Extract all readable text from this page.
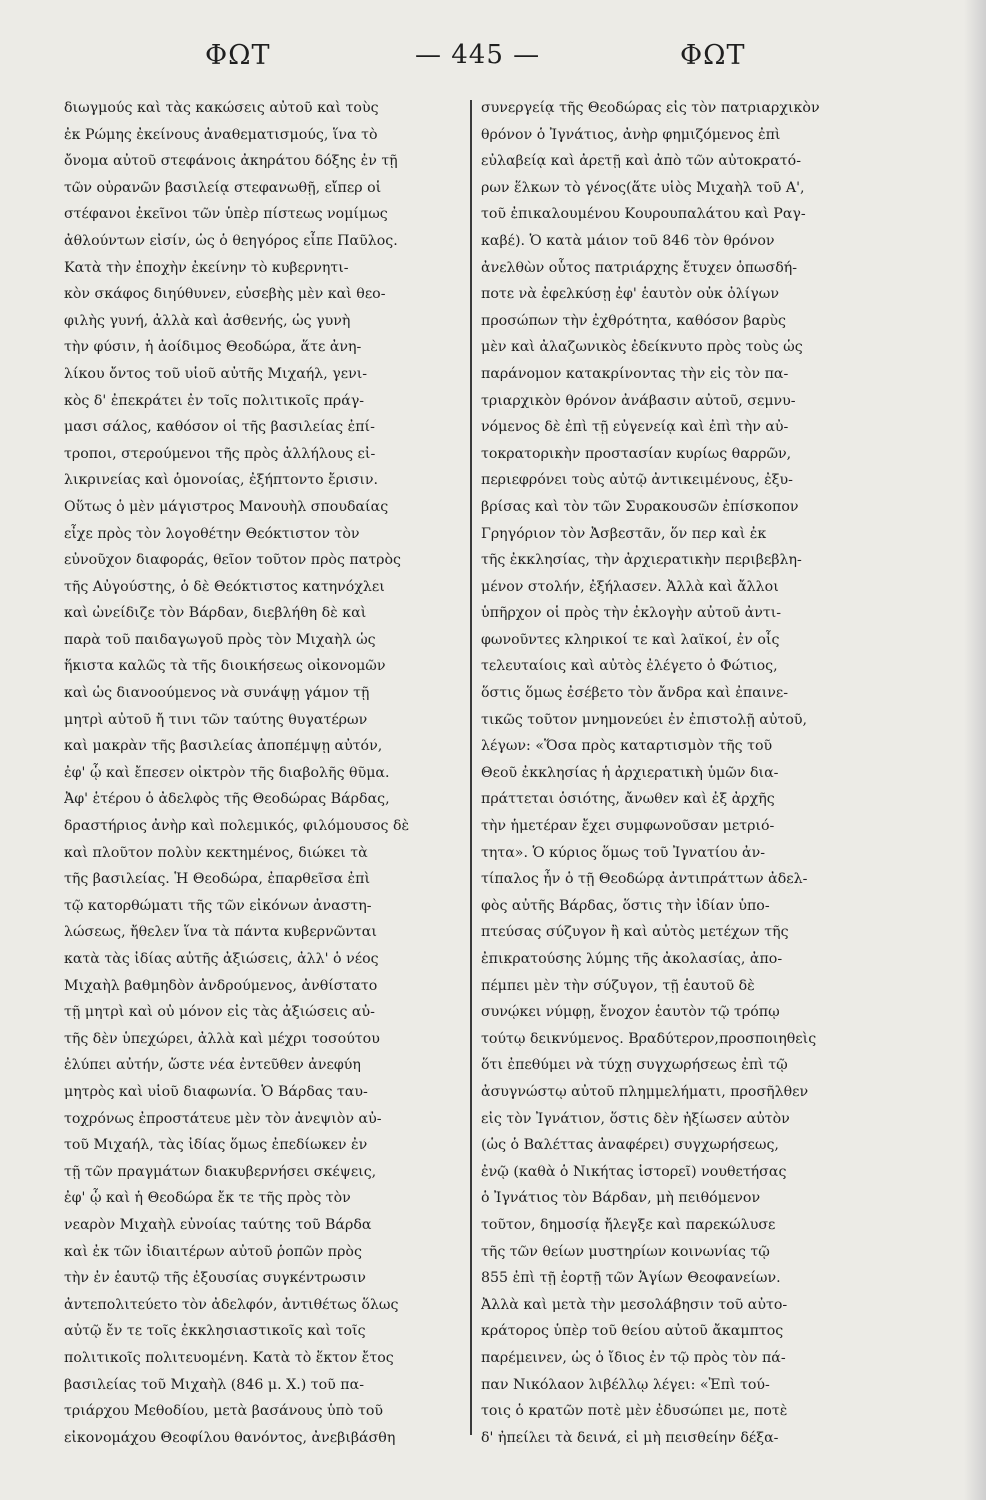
ΦΩΤ	— 445 —	ΦΩΤ
διωγμούς καὶ τὰς κακώσεις αὐτοῦ καὶ τοὺς
ἐκ Ρώμης ἐκείνους ἀναθεματισμούς, ἵνα τὸ
ὄνομα αὐτοῦ στεφάνοις ἀκηράτου δόξης ἐν τῇ
τῶν οὐρανῶν βασιλείᾳ στεφανωθῇ, εἴπερ οἱ
στέφανοι ἐκεῖνοι τῶν ὑπὲρ πίστεως νομίμως
ἀθλούντων εἰσίν, ὡς ὁ θεηγόρος εἶπε Παῦλος.
Κατὰ τὴν ἐποχὴν ἐκείνην τὸ κυβερνητι-
κὸν σκάφος διηύθυνεν, εὐσεβὴς μὲν καὶ θεο-
φιλὴς γυνή, ἀλλὰ καὶ ἀσθενής, ὡς γυνὴ
τὴν φύσιν, ἡ ἀοίδιμος Θεοδώρα, ἅτε ἀνη-
λίκου ὄντος τοῦ υἱοῦ αὐτῆς Μιχαήλ, γενι-
κὸς δ' ἐπεκράτει ἐν τοῖς πολιτικοῖς πράγ-
μασι σάλος, καθόσον οἱ τῆς βασιλείας ἐπί-
τροποι, στερούμενοι τῆς πρὸς ἀλλήλους εἰ-
λικρινείας καὶ ὁμονοίας, ἐξήπτοντο ἔρισιν.
Οὕτως ὁ μὲν μάγιστρος Μανουὴλ σπουδαίας
εἶχε πρὸς τὸν λογοθέτην Θεόκτιστον τὸν
εὐνοῦχον διαφοράς, θεῖον τοῦτον πρὸς πατρὸς
τῆς Αὐγούστης, ὁ δὲ Θεόκτιστος κατηνόχλει
καὶ ὠνείδιζε τὸν Βάρδαν, διεβλήθη δὲ καὶ
παρὰ τοῦ παιδαγωγοῦ πρὸς τὸν Μιχαὴλ ὡς
ἥκιστα καλῶς τὰ τῆς διοικήσεως οἰκονομῶν
καὶ ὡς διανοούμενος νὰ συνάψῃ γάμον τῇ
μητρὶ αὐτοῦ ἤ τινι τῶν ταύτης θυγατέρων
καὶ μακρὰν τῆς βασιλείας ἀποπέμψῃ αὐτόν,
ἐφ' ᾧ καὶ ἔπεσεν οἰκτρὸν τῆς διαβολῆς θῦμα.
Ἀφ' ἑτέρου ὁ ἀδελφὸς τῆς Θεοδώρας Βάρδας,
δραστήριος ἀνὴρ καὶ πολεμικός, φιλόμουσος δὲ
καὶ πλοῦτον πολὺν κεκτημένος, διώκει τὰ
τῆς βασιλείας. Ἡ Θεοδώρα, ἐπαρθεῖσα ἐπὶ
τῷ κατορθώματι τῆς τῶν εἰκόνων ἀναστη-
λώσεως, ἤθελεν ἵνα τὰ πάντα κυβερνῶνται
κατὰ τὰς ἰδίας αὐτῆς ἀξιώσεις, ἀλλ' ὁ νέος
Μιχαὴλ βαθμηδὸν ἀνδρούμενος, ἀνθίστατο
τῇ μητρὶ καὶ οὐ μόνον εἰς τὰς ἀξιώσεις αὐ-
τῆς δὲν ὑπεχώρει, ἀλλὰ καὶ μέχρι τοσούτου
ἐλύπει αὐτήν, ὥστε νέα ἐντεῦθεν ἀνεφύη
μητρὸς καὶ υἱοῦ διαφωνία. Ὁ Βάρδας ταυ-
τοχρόνως ἐπροστάτευε μὲν τὸν ἀνεψιὸν αὐ-
τοῦ Μιχαήλ, τὰς ἰδίας ὅμως ἐπεδίωκεν ἐν
τῇ τῶν πραγμάτων διακυβερνήσει σκέψεις,
ἐφ' ᾧ καὶ ἡ Θεοδώρα ἔκ τε τῆς πρὸς τὸν
νεαρὸν Μιχαὴλ εὐνοίας ταύτης τοῦ Βάρδα
καὶ ἐκ τῶν ἰδιαιτέρων αὐτοῦ ῥοπῶν πρὸς
τὴν ἐν ἑαυτῷ τῆς ἐξουσίας συγκέντρωσιν
ἀντεπολιτεύετο τὸν ἀδελφόν, ἀντιθέτως ὅλως
αὐτῷ ἔν τε τοῖς ἐκκλησιαστικοῖς καὶ τοῖς
πολιτικοῖς πολιτευομένη. Κατὰ τὸ ἕκτον ἔτος
βασιλείας τοῦ Μιχαὴλ (846 μ. Χ.) τοῦ πα-
τριάρχου Μεθοδίου, μετὰ βασάνους ὑπὸ τοῦ
εἰκονομάχου Θεοφίλου θανόντος, ἀνεβιβάσθη
συνεργείᾳ τῆς Θεοδώρας εἰς τὸν πατριαρχικὸν
θρόνον ὁ Ἰγνάτιος, ἀνὴρ φημιζόμενος ἐπὶ
εὐλαβείᾳ καὶ ἀρετῇ καὶ ἀπὸ τῶν αὐτοκρατό-
ρων ἕλκων τὸ γένος(ἅτε υἱὸς Μιχαὴλ τοῦ Α',
τοῦ ἐπικαλουμένου Κουρουπαλάτου καὶ Ραγ-
καβέ). Ὁ κατὰ μάιον τοῦ 846 τὸν θρόνον
ἀνελθὼν οὗτος πατριάρχης ἔτυχεν ὁπωσδή-
ποτε νὰ ἐφελκύσῃ ἐφ' ἑαυτὸν οὐκ ὀλίγων
προσώπων τὴν ἐχθρότητα, καθόσον βαρὺς
μὲν καὶ ἀλαζωνικὸς ἐδείκνυτο πρὸς τοὺς ὡς
παράνομον κατακρίνοντας τὴν εἰς τὸν πα-
τριαρχικὸν θρόνον ἀνάβασιν αὐτοῦ, σεμνυ-
νόμενος δὲ ἐπὶ τῇ εὐγενείᾳ καὶ ἐπὶ τὴν αὐ-
τοκρατορικὴν προστασίαν κυρίως θαρρῶν,
περιεφρόνει τοὺς αὐτῷ ἀντικειμένους, ἐξυ-
βρίσας καὶ τὸν τῶν Συρακουσῶν ἐπίσκοπον
Γρηγόριον τὸν Ἀσβεστᾶν, ὅν περ καὶ ἐκ
τῆς ἐκκλησίας, τὴν ἀρχιερατικὴν περιβεβλη-
μένον στολήν, ἐξήλασεν. Ἀλλὰ καὶ ἄλλοι
ὑπῆρχον οἱ πρὸς τὴν ἐκλογὴν αὐτοῦ ἀντι-
φωνοῦντες κληρικοί τε καὶ λαϊκοί, ἐν οἷς
τελευταίοις καὶ αὐτὸς ἐλέγετο ὁ Φώτιος,
ὅστις ὅμως ἐσέβετο τὸν ἄνδρα καὶ ἐπαινε-
τικῶς τοῦτον μνημονεύει ἐν ἐπιστολῇ αὐτοῦ,
λέγων: «Ὅσα πρὸς καταρτισμὸν τῆς τοῦ
Θεοῦ ἐκκλησίας ἡ ἀρχιερατικὴ ὑμῶν δια-
πράττεται ὁσιότης, ἄνωθεν καὶ ἐξ ἀρχῆς
τὴν ἡμετέραν ἔχει συμφωνοῦσαν μετριό-
τητα». Ὁ κύριος ὅμως τοῦ Ἰγνατίου ἀν-
τίπαλος ἦν ὁ τῇ Θεοδώρᾳ ἀντιπράττων ἀδελ-
φὸς αὐτῆς Βάρδας, ὅστις τὴν ἰδίαν ὑπο-
πτεύσας σύζυγον ἢ καὶ αὐτὸς μετέχων τῆς
ἐπικρατούσης λύμης τῆς ἀκολασίας, ἀπο-
πέμπει μὲν τὴν σύζυγον, τῇ ἑαυτοῦ δὲ
συνῴκει νύμφῃ, ἔνοχον ἑαυτὸν τῷ τρόπῳ
τούτῳ δεικνύμενος. Βραδύτερον,προσποιηθεὶς
ὅτι ἐπεθύμει νὰ τύχῃ συγχωρήσεως ἐπὶ τῷ
ἀσυγνώστῳ αὐτοῦ πλημμελήματι, προσῆλθεν
εἰς τὸν Ἰγνάτιον, ὅστις δὲν ἠξίωσεν αὐτὸν
(ὡς ὁ Βαλέττας ἀναφέρει) συγχωρήσεως,
ἐνῷ (καθὰ ὁ Νικήτας ἱστορεῖ) νουθετήσας
ὁ Ἰγνάτιος τὸν Βάρδαν, μὴ πειθόμενον
τοῦτον, δημοσίᾳ ἤλεγξε καὶ παρεκώλυσε
τῆς τῶν θείων μυστηρίων κοινωνίας τῷ
855 ἐπὶ τῇ ἑορτῇ τῶν Ἁγίων Θεοφανείων.
Ἀλλὰ καὶ μετὰ τὴν μεσολάβησιν τοῦ αὐτο-
κράτορος ὑπὲρ τοῦ θείου αὐτοῦ ἄκαμπτος
παρέμεινεν, ὡς ὁ ἴδιος ἐν τῷ πρὸς τὸν πά-
παν Νικόλαον λιβέλλῳ λέγει: «Ἐπὶ τού-
τοις ὁ κρατῶν ποτὲ μὲν ἐδυσώπει με, ποτὲ
δ' ἠπείλει τὰ δεινά, εἰ μὴ πεισθείην δέξα-
